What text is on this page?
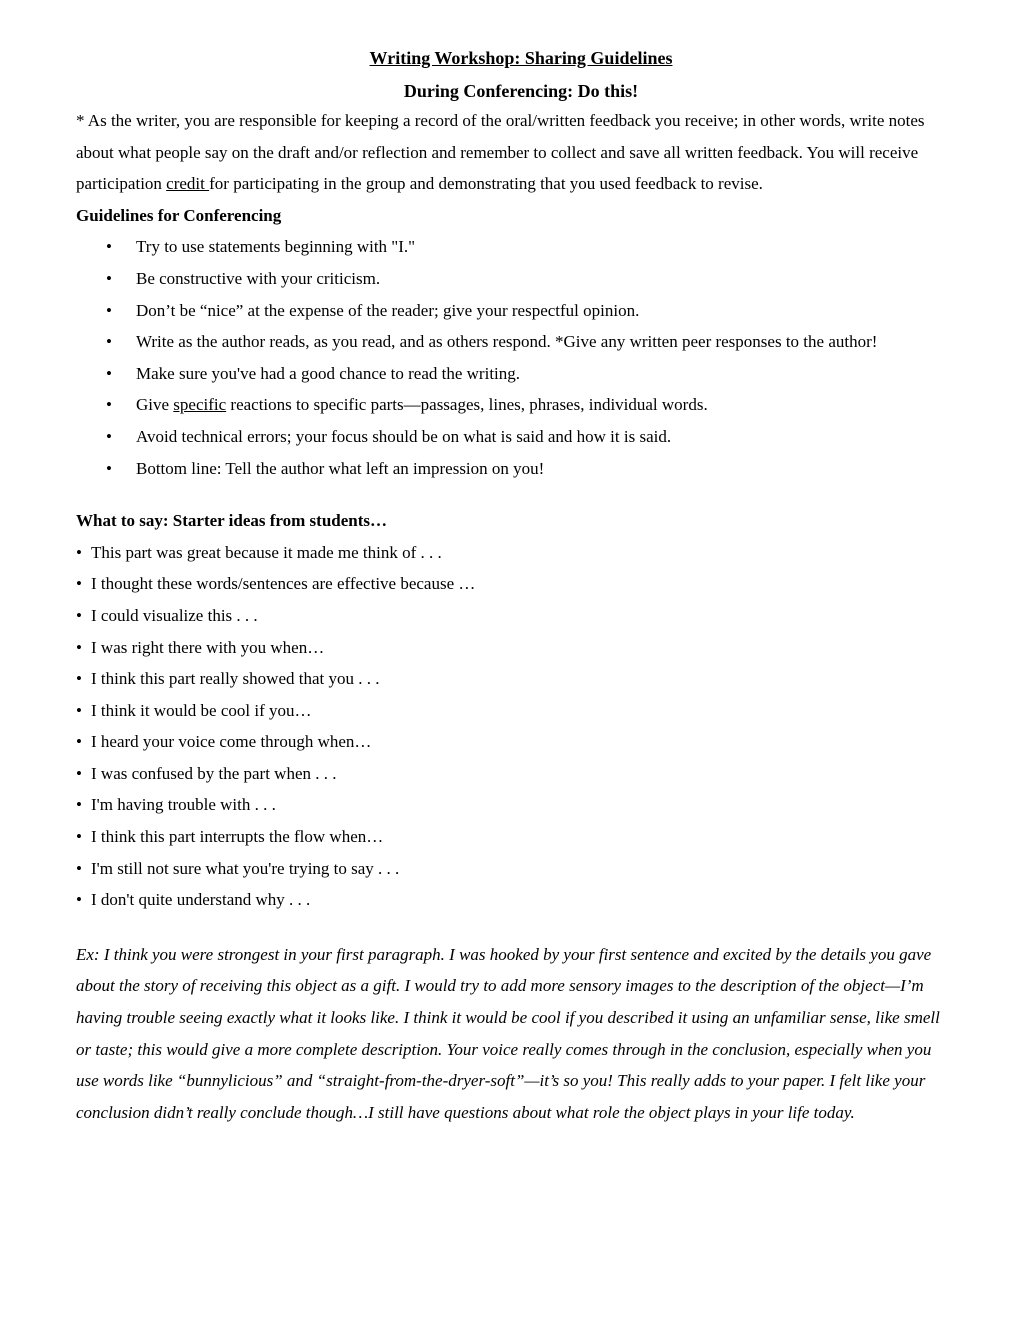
Writing Workshop: Sharing Guidelines
During Conferencing: Do this!

* As the writer, you are responsible for keeping a record of the oral/written feedback you receive; in other words, write notes about what people say on the draft and/or reflection and remember to collect and save all written feedback. You will receive participation credit for participating in the group and demonstrating that you used feedback to revise.

Guidelines for Conferencing
• Try to use statements beginning with "I."
• Be constructive with your criticism.
• Don’t be “nice” at the expense of the reader; give your respectful opinion.
• Write as the author reads, as you read, and as others respond. *Give any written peer responses to the author!
• Make sure you've had a good chance to read the writing.
• Give specific reactions to specific parts—passages, lines, phrases, individual words.
• Avoid technical errors; your focus should be on what is said and how it is said.
• Bottom line: Tell the author what left an impression on you!
What to say: Starter ideas from students…
• This part was great because it made me think of . . .
• I thought these words/sentences are effective because …
• I could visualize this . . .
• I was right there with you when…
• I think this part really showed that you . . .
• I think it would be cool if you…
• I heard your voice come through when…
• I was confused by the part when . . .
• I'm having trouble with . . .
• I think this part interrupts the flow when…
• I'm still not sure what you're trying to say . . .
• I don't quite understand why . . .

Ex: I think you were strongest in your first paragraph. I was hooked by your first sentence and excited by the details you gave about the story of receiving this object as a gift. I would try to add more sensory images to the description of the object—I’m having trouble seeing exactly what it looks like. I think it would be cool if you described it using an unfamiliar sense, like smell or taste; this would give a more complete description. Your voice really comes through in the conclusion, especially when you use words like “bunnylicious” and “straight-from-the-dryer-soft”—it’s so you! This really adds to your paper. I felt like your conclusion didn’t really conclude though…I still have questions about what role the object plays in your life today.
